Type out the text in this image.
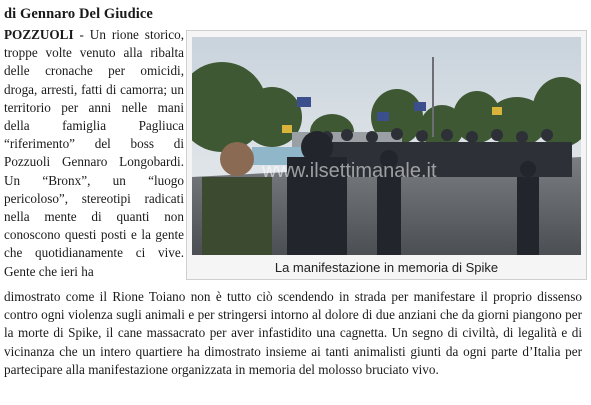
di Gennaro Del Giudice
POZZUOLI - Un rione storico, troppe volte venuto alla ribalta delle cronache per omicidi, droga, arresti, fatti di camorra; un territorio per anni nelle mani della famiglia Pagliuca “riferimento” del boss di Pozzuoli Gennaro Longobardi. Un “Bronx”, un “luogo pericoloso”, stereotipi radicati nella mente di quanti non conoscono questi posti e la gente che quotidianamente ci vive. Gente che ieri ha
www.ilsettimanale.it
La manifestazione in memoria di Spike
dimostrato come il Rione Toiano non è tutto ciò scendendo in strada per manifestare il proprio dissenso contro ogni violenza sugli animali e per stringersi intorno al dolore di due anziani che da giorni piangono per la morte di Spike, il cane massacrato per aver infastidito una cagnetta. Un segno di civiltà, di legalità e di vicinanza che un intero quartiere ha dimostrato insieme ai tanti animalisti giunti da ogni parte d’Italia per partecipare alla manifestazione organizzata in memoria del molosso bruciato vivo.
